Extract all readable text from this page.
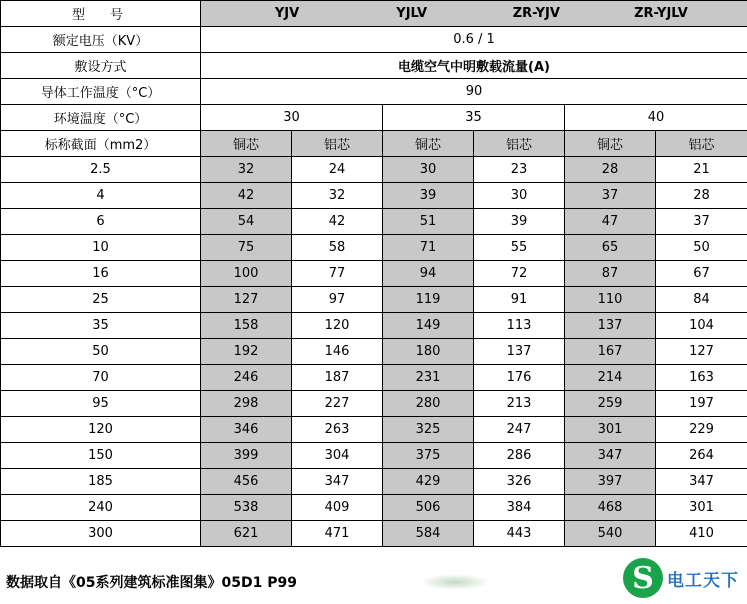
型　号	YJV YJLV ZR-YJV ZR-YJLV					
额定电压（KV）	0.6 / 1					
敷设方式	电缆空气中明敷载流量(A)					
导体工作温度（°C）	90					
环境温度（°C）	30		35		40	
标称截面（mm2）	铜芯	铝芯	铜芯	铝芯	铜芯	铝芯
2.5	32	24	30	23	28	21
4	42	32	39	30	37	28
6	54	42	51	39	47	37
10	75	58	71	55	65	50
16	100	77	94	72	87	67
25	127	97	119	91	110	84
35	158	120	149	113	137	104
50	192	146	180	137	167	127
70	246	187	231	176	214	163
95	298	227	280	213	259	197
120	346	263	325	247	301	229
150	399	304	375	286	347	264
185	456	347	429	326	397	347
240	538	409	506	384	468	301
300	621	471	584	443	540	410
数据取自《05系列建筑标准图集》05D1 P99	S 电工天下
